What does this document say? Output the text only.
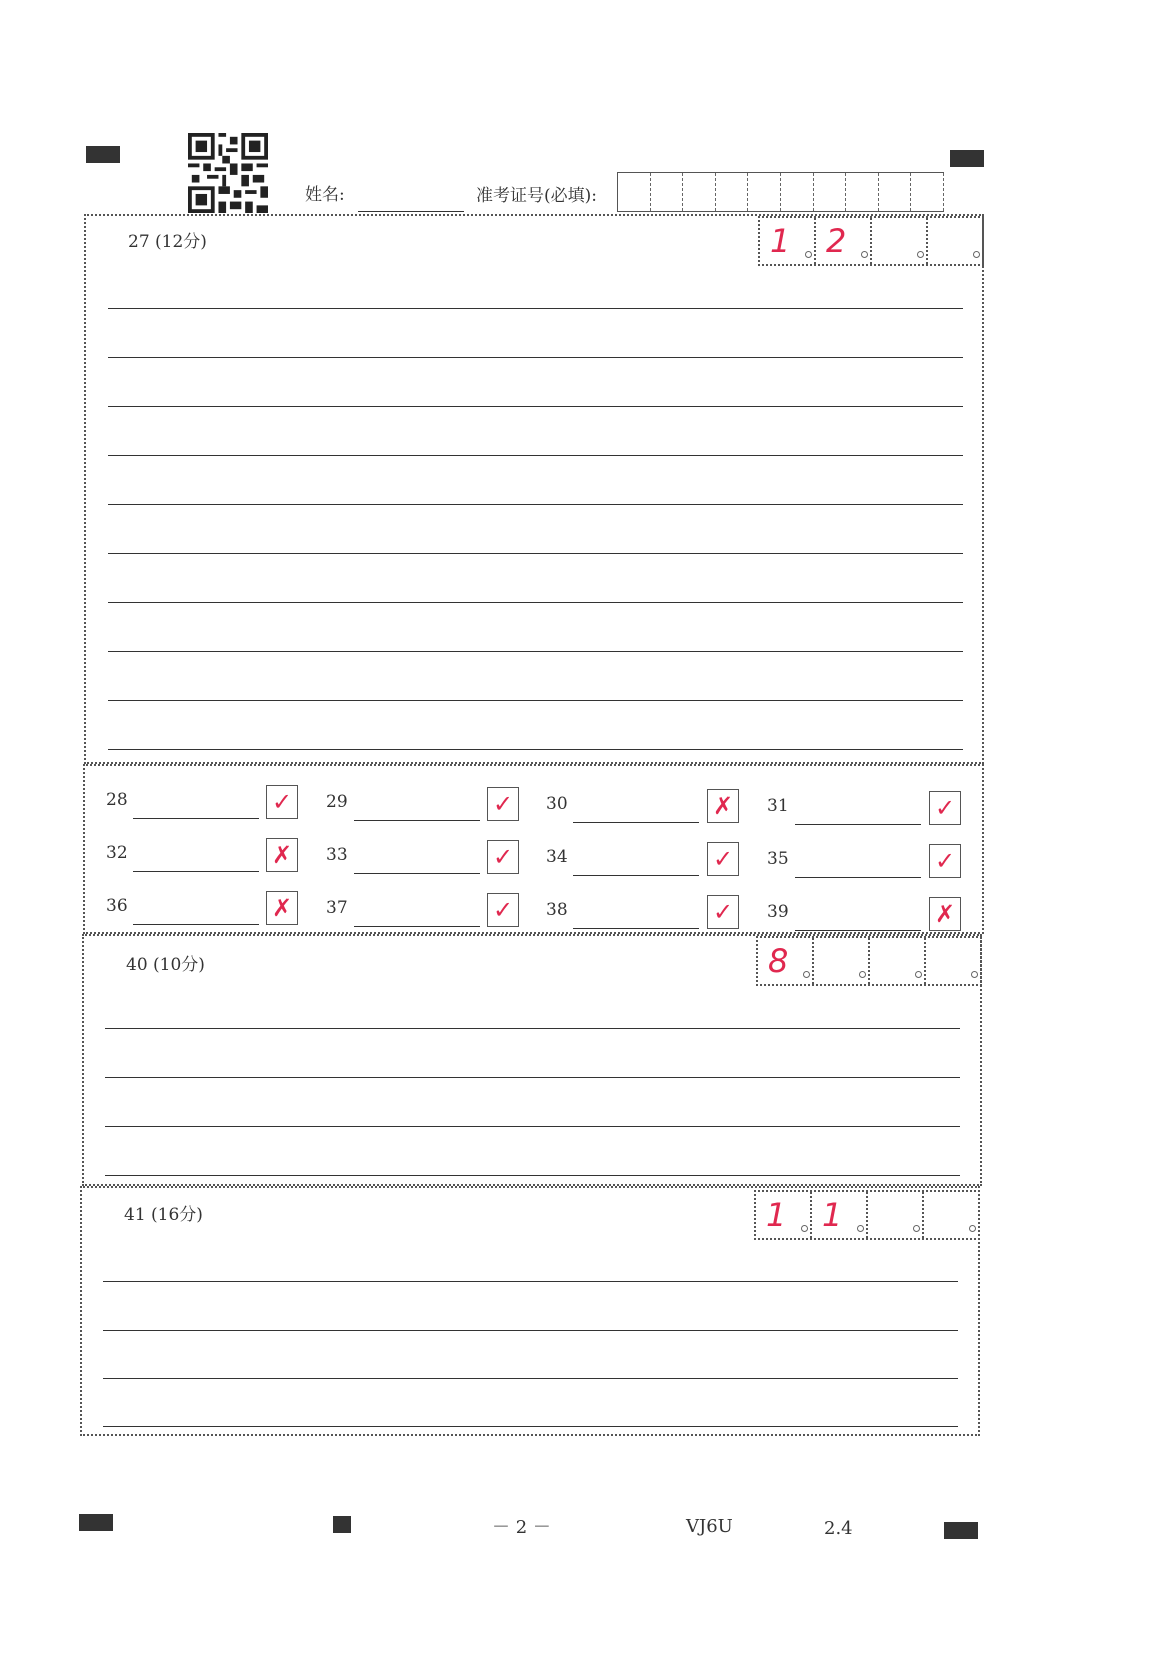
姓名:	准考证号(必填):
27 (12分)	1 2
28	✓ 29	✓ 30	✗ 31	✓
32	✗ 33	✓ 34	✓ 35	✓
36	✗ 37	✓ 38	✓ 39	✗
40 (10分)	8
41 (16分)	1 1
－ 2 －	VJ6U	2.4
